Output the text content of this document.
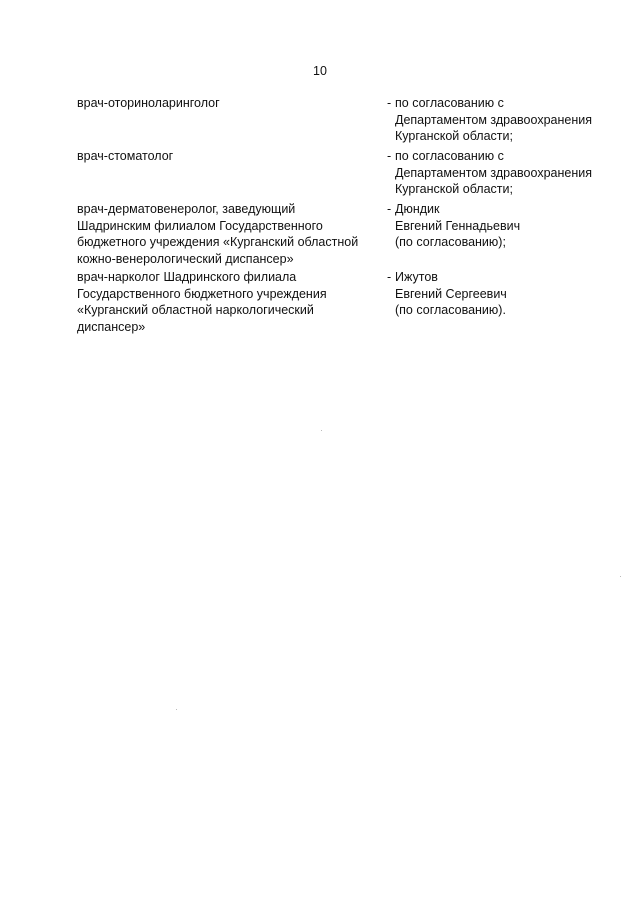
10
врач-оториноларинголог	- по согласованию с
Департаментом здравоохранения
Курганской области;
врач-стоматолог	- по согласованию с
Департаментом здравоохранения
Курганской области;
врач-дерматовенеролог, заведующий
Шадринским филиалом Государственного
бюджетного учреждения «Курганский областной
кожно-венерологический диспансер»
- Дюндик
Евгений Геннадьевич
(по согласованию);
врач-нарколог Шадринского филиала
Государственного бюджетного учреждения
«Курганский областной наркологический
диспансер»
- Ижутов
Евгений Сергеевич
(по согласованию).
